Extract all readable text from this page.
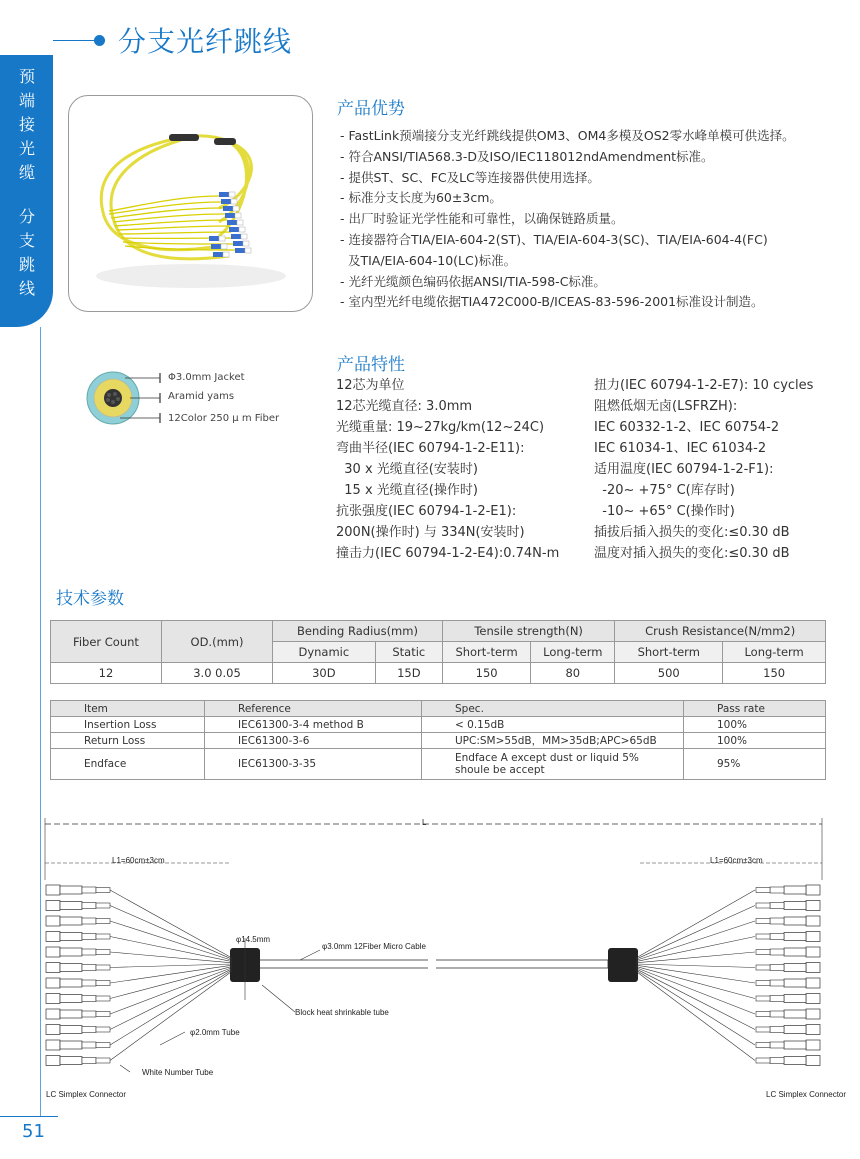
预
端
接
光
缆
分
支
跳
线
分支光纤跳线
51
产品优势
- FastLink预端接分支光纤跳线提供OM3、OM4多模及OS2零水峰单模可供选择。
- 符合ANSI/TIA568.3-D及ISO/IEC118012ndAmendment标准。
- 提供ST、SC、FC及LC等连接器供使用选择。
- 标准分支长度为60±3cm。
- 出厂时验证光学性能和可靠性，以确保链路质量。
- 连接器符合TIA/EIA-604-2(ST)、TIA/EIA-604-3(SC)、TIA/EIA-604-4(FC)
及TIA/EIA-604-10(LC)标准。
- 光纤光缆颜色编码依据ANSI/TIA-598-C标准。
- 室内型光纤电缆依据TIA472C000-B/ICEAS-83-596-2001标准设计制造。
Φ3.0mm Jacket
Aramid yams
12Color 250 μ m Fiber
产品特性
12芯为单位
12芯光缆直径: 3.0mm
光缆重量: 19~27kg/km(12~24C)
弯曲半径(IEC 60794-1-2-E11):
30 x 光缆直径(安装时)
15 x 光缆直径(操作时)
抗张强度(IEC 60794-1-2-E1):
200N(操作时) 与 334N(安装时)
撞击力(IEC 60794-1-2-E4):0.74N-m
扭力(IEC 60794-1-2-E7): 10 cycles
阻燃低烟无卤(LSFRZH):
IEC 60332-1-2、IEC 60754-2
IEC 61034-1、IEC 61034-2
适用温度(IEC 60794-1-2-F1):
-20~ +75° C(库存时)
-10~ +65° C(操作时)
插拔后插入损失的变化:≤0.30 dB
温度对插入损失的变化:≤0.30 dB
技术参数
Fiber Count	OD.(mm)	Bending Radius(mm)		Tensile strength(N)		Crush Resistance(N/mm2)	
		Dynamic	Static	Short-term	Long-term	Short-term	Long-term
12	3.0 0.05	30D	15D	150	80	500	150
Item	Reference	Spec.	Pass rate
Insertion Loss	IEC61300-3-4 method B	< 0.15dB	100%
Return Loss	IEC61300-3-6	UPC:SM>55dB，MM>35dB;APC>65dB	100%
Endface	IEC61300-3-35	Endface A except dust or liquid 5%
shoule be accept	95%
L
L1=60cm±3cm	L1=60cm±3cm
φ14.5mm
φ3.0mm 12Fiber Micro Cable
Block heat shrinkable tube
φ2.0mm Tube
White Number Tube
LC Simplex Connector	LC Simplex Connector
